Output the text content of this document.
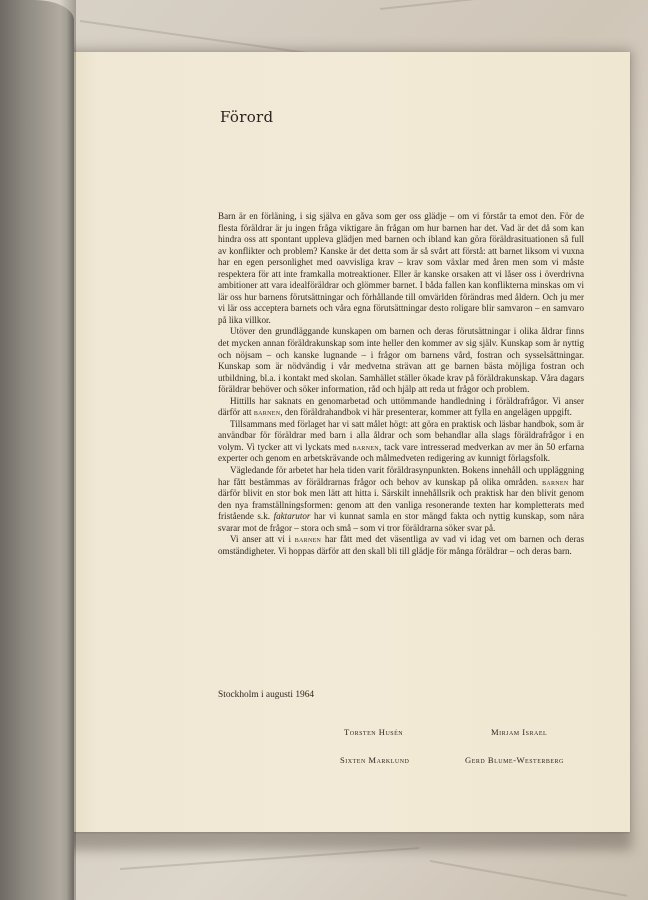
Förord

Barn är en förläning, i sig själva en gåva som ger oss glädje – om vi förstår ta emot den. För de flesta föräldrar är ju ingen fråga viktigare än frågan om hur barnen har det. Vad är det då som kan hindra oss att spontant uppleva glädjen med barnen och ibland kan göra föräldrasituationen så full av konflikter och problem? Kanske är det detta som är så svårt att förstå: att barnet liksom vi vuxna har en egen personlighet med oavvisliga krav – krav som växlar med åren men som vi måste respektera för att inte framkalla motreaktioner. Eller är kanske orsaken att vi låser oss i överdrivna ambitioner att vara idealföräldrar och glömmer barnet. I båda fallen kan konflikterna minskas om vi lär oss hur barnens förutsättningar och förhållande till omvärlden förändras med åldern. Och ju mer vi lär oss acceptera barnets och våra egna förutsättningar desto roligare blir samvaron – en samvaro på lika villkor.

Utöver den grundläggande kunskapen om barnen och deras förutsättningar i olika åldrar finns det mycken annan föräldrakunskap som inte heller den kommer av sig själv. Kunskap som är nyttig och nöjsam – och kanske lugnande – i frågor om barnens vård, fostran och sysselsättningar. Kunskap som är nödvändig i vår medvetna strävan att ge barnen bästa möjliga fostran och utbildning, bl.a. i kontakt med skolan. Samhället ställer ökade krav på föräldrakunskap. Våra dagars föräldrar behöver och söker information, råd och hjälp att reda ut frågor och problem.

Hittills har saknats en genomarbetad och uttömmande handledning i föräldrafrågor. Vi anser därför att barnen, den föräldrahandbok vi här presenterar, kommer att fylla en angelägen uppgift.

Tillsammans med förlaget har vi satt målet högt: att göra en praktisk och läsbar handbok, som är användbar för föräldrar med barn i alla åldrar och som behandlar alla slags föräldrafrågor i en volym. Vi tycker att vi lyckats med barnen, tack vare intresserad medverkan av mer än 50 erfarna experter och genom en arbetskrävande och målmedveten redigering av kunnigt förlagsfolk.

Vägledande för arbetet har hela tiden varit föräldrasynpunkten. Bokens innehåll och uppläggning har fått bestämmas av föräldrarnas frågor och behov av kunskap på olika områden. barnen har därför blivit en stor bok men lätt att hitta i. Särskilt innehållsrik och praktisk har den blivit genom den nya framställningsformen: genom att den vanliga resonerande texten har kompletterats med fristående s.k. faktarutor har vi kunnat samla en stor mängd fakta och nyttig kunskap, som nära svarar mot de frågor – stora och små – som vi tror föräldrarna söker svar på.

Vi anser att vi i barnen har fått med det väsentliga av vad vi idag vet om barnen och deras omständigheter. Vi hoppas därför att den skall bli till glädje för många föräldrar – och deras barn.

Stockholm i augusti 1964
Torsten Husén	Mirjam Israel
Sixten Marklund	Gerd Blume-Westerberg
